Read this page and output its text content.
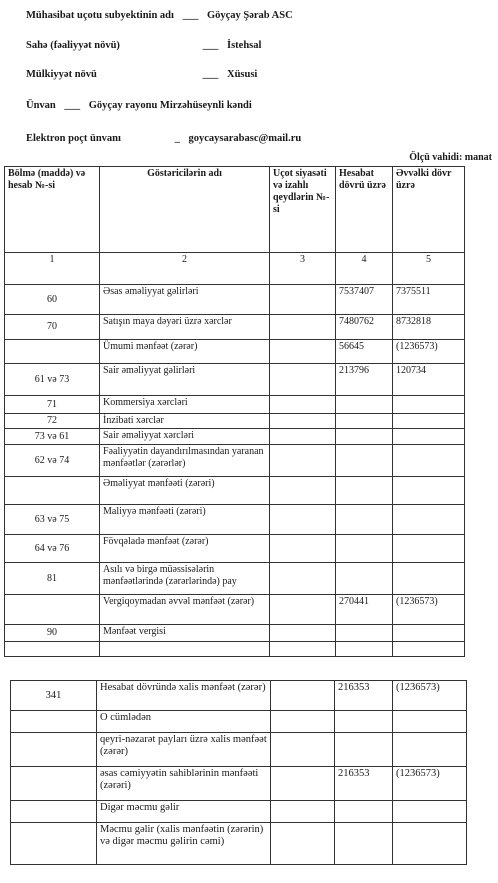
Mühasibat uçotu subyektinin adı ___ Göyçay Şərab ASC
Sahə (fəaliyyət növü)	___ İstehsal
Mülkiyyət növü	___ Xüsusi
Ünvan ___ Göyçay rayonu Mirzəhüseynli kəndi
Elektron poçt ünvanı	_ goycaysarabasc@mail.ru
Ölçü vahidi: manat
Bölmə (maddə) və hesab №-si	Göstəricilərin adı	Uçot siyasəti və izahlı qeydlərin №-si	Hesabat dövrü üzrə	Əvvəlki dövr üzrə
1	2	3	4	5
60	Əsas əməliyyat gəlirləri		7537407	7375511
70	Satışın maya dəyəri üzrə xərclər		7480762	8732818
	Ümumi mənfəət (zərər)		56645	(1236573)
61 və 73	Sair əməliyyat gəlirləri		213796	120734
71	Kommersiya xərcləri			
72	İnzibati xərclər			
73 və 61	Sair əməliyyat xərcləri			
62 və 74	Fəaliyyətin dayandırılmasından yaranan mənfəətlər (zərərlər)			
	Əməliyyat mənfəəti (zərəri)			
63 və 75	Maliyyə mənfəəti (zərəri)			
64 və 76	Fövqəladə mənfəət (zərər)			
81	Asılı və birgə müəssisələrin mənfəətlərində (zərərlərində) pay			
	Vergiqoymadan əvvəl mənfəət (zərər)		270441	(1236573)
90	Mənfəət vergisi			

341	Hesabat dövründə xalis mənfəət (zərər)		216353	(1236573)
	O cümlədən			
	qeyri-nəzarət payları üzrə xalis mənfəət (zərər)			
	əsas cəmiyyətin sahiblərinin mənfəəti (zərəri)		216353	(1236573)
	Digər məcmu gəlir			
	Məcmu gəlir (xalis mənfəətin (zərərin) və digər məcmu gəlirin cəmi)			
